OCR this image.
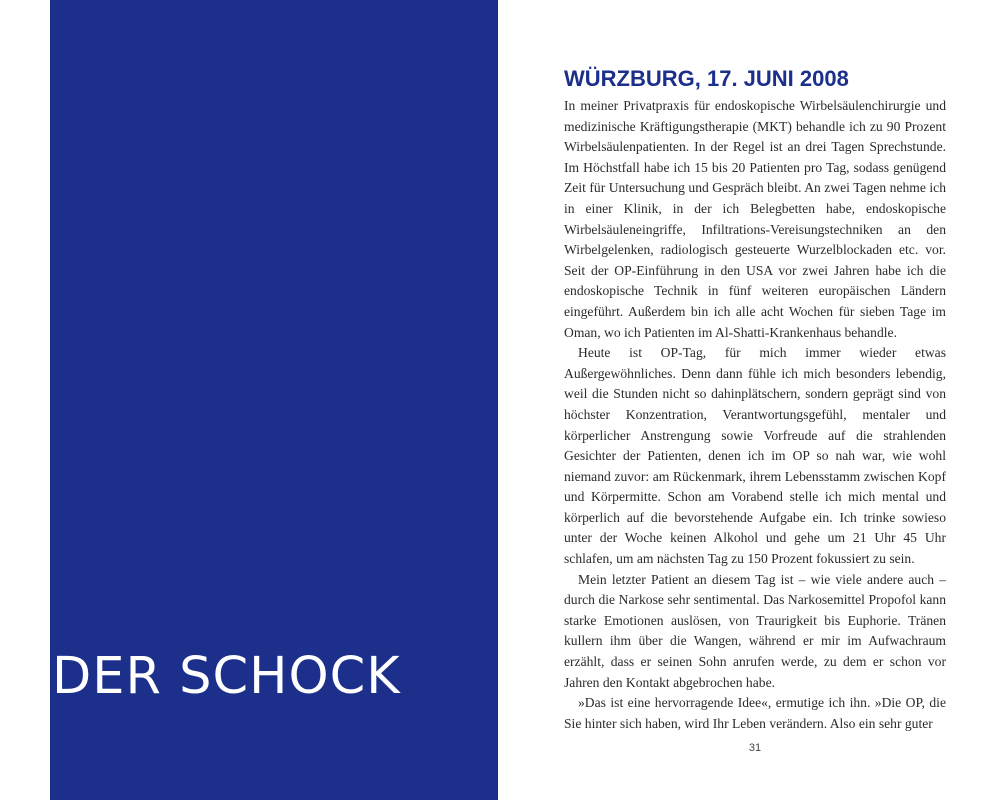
DER SCHOCK
WÜRZBURG, 17. JUNI 2008

In meiner Privatpraxis für endoskopische Wirbelsäulenchirurgie und medizinische Kräftigungstherapie (MKT) behandle ich zu 90 Prozent Wirbelsäulenpatienten. In der Regel ist an drei Tagen Sprechstunde. Im Höchstfall habe ich 15 bis 20 Patienten pro Tag, sodass genügend Zeit für Untersuchung und Gespräch bleibt. An zwei Tagen nehme ich in einer Klinik, in der ich Belegbetten habe, endoskopische Wirbelsäuleneingriffe, Infiltrations-Vereisungstechniken an den Wirbelgelenken, radiologisch gesteuerte Wurzelblockaden etc. vor. Seit der OP-Einführung in den USA vor zwei Jahren habe ich die endoskopische Technik in fünf weiteren europäischen Ländern eingeführt. Außerdem bin ich alle acht Wochen für sieben Tage im Oman, wo ich Patienten im Al-Shatti-Krankenhaus behandle.

Heute ist OP-Tag, für mich immer wieder etwas Außergewöhnliches. Denn dann fühle ich mich besonders lebendig, weil die Stunden nicht so dahinplätschern, sondern geprägt sind von höchster Konzentration, Verantwortungsgefühl, mentaler und körperlicher Anstrengung sowie Vorfreude auf die strahlenden Gesichter der Patienten, denen ich im OP so nah war, wie wohl niemand zuvor: am Rückenmark, ihrem Lebensstamm zwischen Kopf und Körpermitte. Schon am Vorabend stelle ich mich mental und körperlich auf die bevorstehende Aufgabe ein. Ich trinke sowieso unter der Woche keinen Alkohol und gehe um 21 Uhr 45 Uhr schlafen, um am nächsten Tag zu 150 Prozent fokussiert zu sein.

Mein letzter Patient an diesem Tag ist – wie viele andere auch – durch die Narkose sehr sentimental. Das Narkosemittel Propofol kann starke Emotionen auslösen, von Traurigkeit bis Euphorie. Tränen kullern ihm über die Wangen, während er mir im Aufwachraum erzählt, dass er seinen Sohn anrufen werde, zu dem er schon vor Jahren den Kontakt abgebrochen habe.

»Das ist eine hervorragende Idee«, ermutige ich ihn. »Die OP, die Sie hinter sich haben, wird Ihr Leben verändern. Also ein sehr guter

31
